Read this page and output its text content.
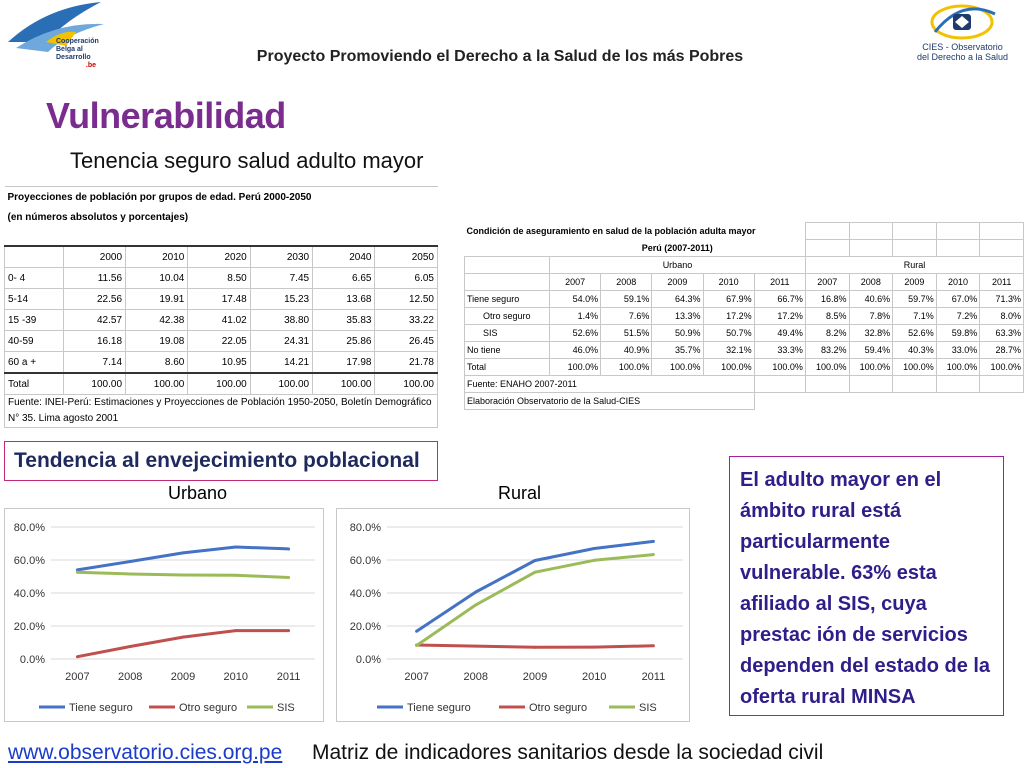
Cooperación
Belga al Desarrollo
.be
Proyecto Promoviendo el Derecho a la Salud de los más Pobres
CIES - Observatorio
del Derecho a la Salud
Vulnerabilidad
Tenencia seguro salud adulto mayor
Proyecciones de población por grupos de edad. Perú 2000-2050						
(en números absolutos y porcentajes)						

	2000	2010	2020	2030	2040	2050
0- 4	11.56	10.04	8.50	7.45	6.65	6.05
5-14	22.56	19.91	17.48	15.23	13.68	12.50
15 -39	42.57	42.38	41.02	38.80	35.83	33.22
40-59	16.18	19.08	22.05	24.31	25.86	26.45
60 a +	7.14	8.60	10.95	14.21	17.98	21.78
Total	100.00	100.00	100.00	100.00	100.00	100.00
Fuente: INEI-Perú: Estimaciones y Proyecciones de Población 1950-2050, Boletín Demográfico N° 35. Lima agosto 2001						
Condición de aseguramiento en salud de la población adulta mayor										
	Perú (2007-2011)									
	Urbano					Rural				
	2007	2008	2009	2010	2011	2007	2008	2009	2010	2011
Tiene seguro	54.0%	59.1%	64.3%	67.9%	66.7%	16.8%	40.6%	59.7%	67.0%	71.3%
Otro seguro	1.4%	7.6%	13.3%	17.2%	17.2%	8.5%	7.8%	7.1%	7.2%	8.0%
SIS	52.6%	51.5%	50.9%	50.7%	49.4%	8.2%	32.8%	52.6%	59.8%	63.3%
No tiene	46.0%	40.9%	35.7%	32.1%	33.3%	83.2%	59.4%	40.3%	33.0%	28.7%
Total	100.0%	100.0%	100.0%	100.0%	100.0%	100.0%	100.0%	100.0%	100.0%	100.0%
Fuente: ENAHO 2007-2011										
Elaboración Observatorio de la Salud-CIES										
Tendencia al envejecimiento poblacional
Urbano	Rural
0.0%
20.0%
40.0%
60.0%
80.0%
2007	2008	2009	2010	2011
Tiene seguro	Otro seguro	SIS
0.0%
20.0%
40.0%
60.0%
80.0%
2007	2008	2009	2010	2011
Tiene seguro	Otro seguro	SIS
El adulto mayor en el ámbito rural está particularmente vulnerable. 63% esta afiliado al SIS, cuya prestac ión de servicios dependen del estado de la oferta rural MINSA
www.observatorio.cies.org.pe Matriz de indicadores sanitarios desde la sociedad civil
